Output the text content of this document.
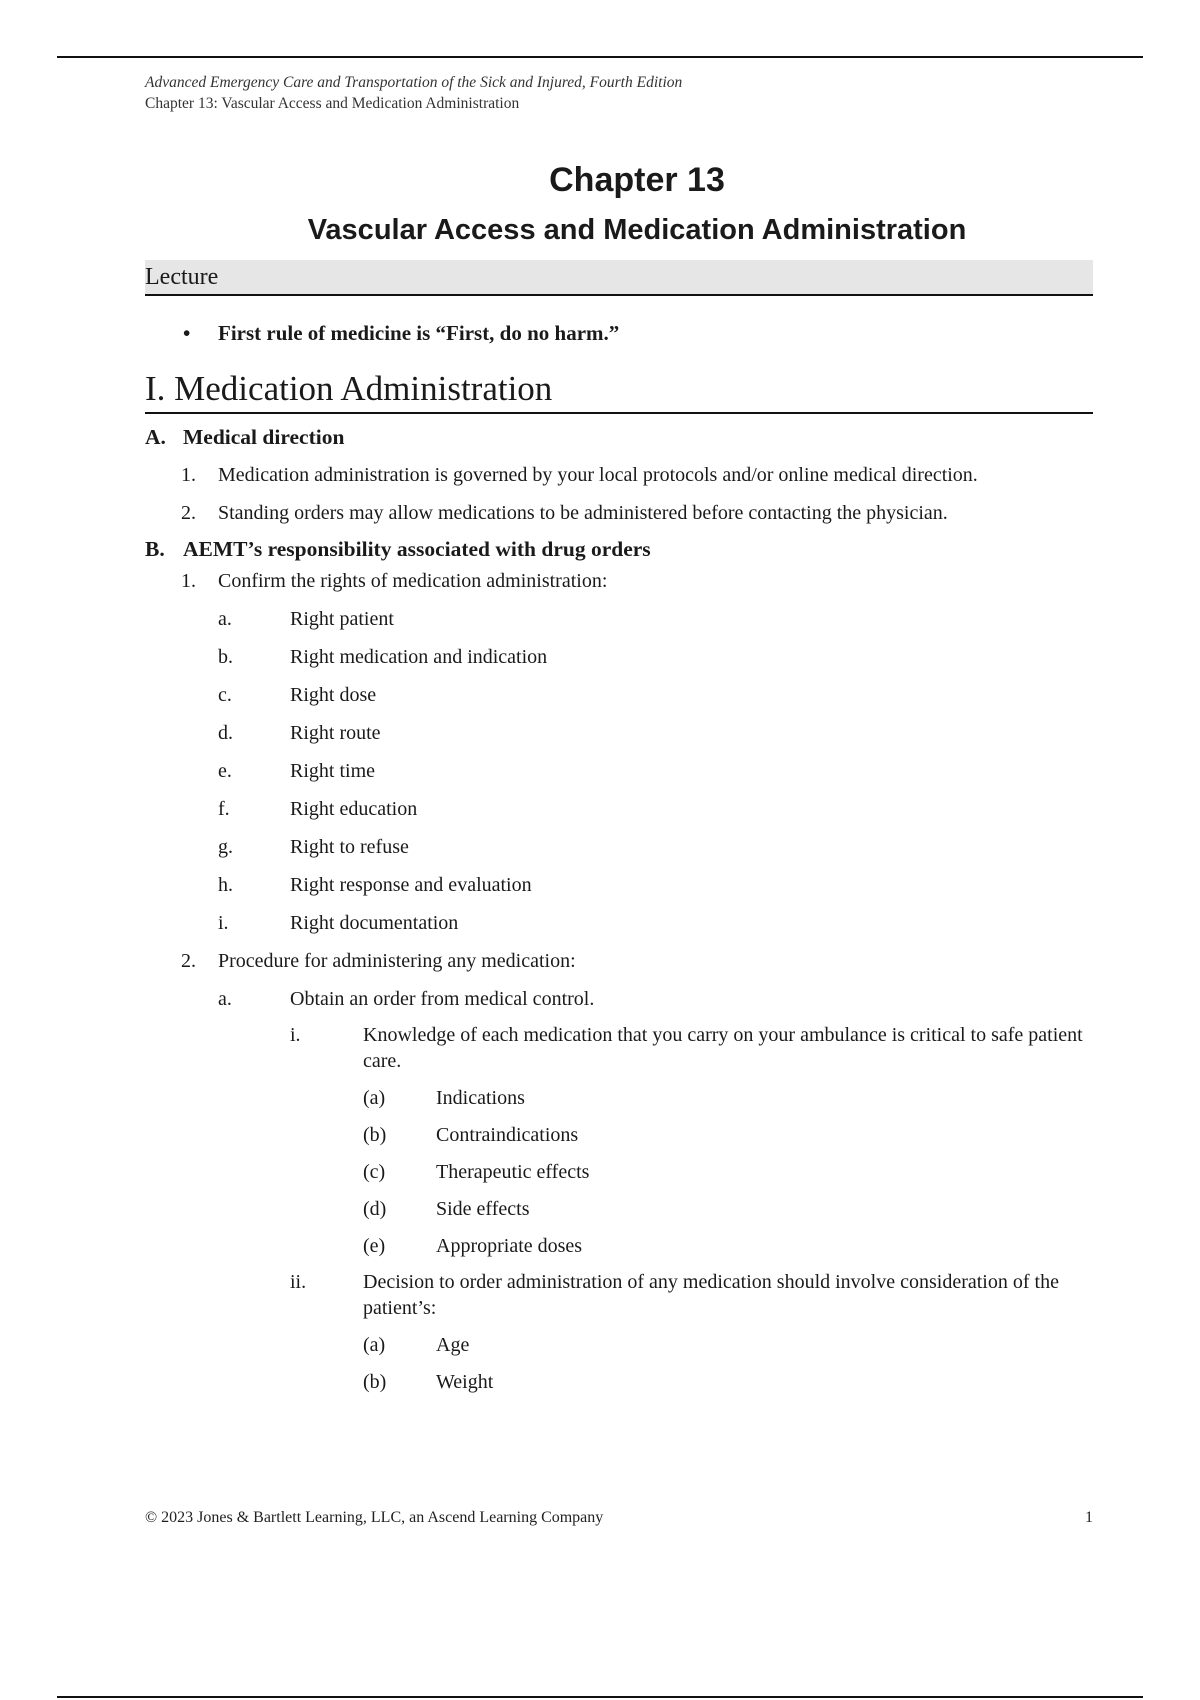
Advanced Emergency Care and Transportation of the Sick and Injured, Fourth Edition
Chapter 13: Vascular Access and Medication Administration
Chapter 13
Vascular Access and Medication Administration
Lecture
• First rule of medicine is “First, do no harm.”
I. Medication Administration
A. Medical direction
1. Medication administration is governed by your local protocols and/or online medical direction.
2. Standing orders may allow medications to be administered before contacting the physician.
B. AEMT’s responsibility associated with drug orders
1. Confirm the rights of medication administration:
a.	Right patient
b.	Right medication and indication
c.	Right dose
d.	Right route
e.	Right time
f.	Right education
g.	Right to refuse
h.	Right response and evaluation
i.	Right documentation
2. Procedure for administering any medication:
a.	Obtain an order from medical control.
i.	Knowledge of each medication that you carry on your ambulance is critical to safe patient care.
(a)	Indications
(b) Contraindications
(c)	Therapeutic effects
(d) Side effects
(e)	Appropriate doses
ii.	Decision to order administration of any medication should involve consideration of the patient’s:
(a)	Age
(b) Weight
© 2023 Jones & Bartlett Learning, LLC, an Ascend Learning Company	1
